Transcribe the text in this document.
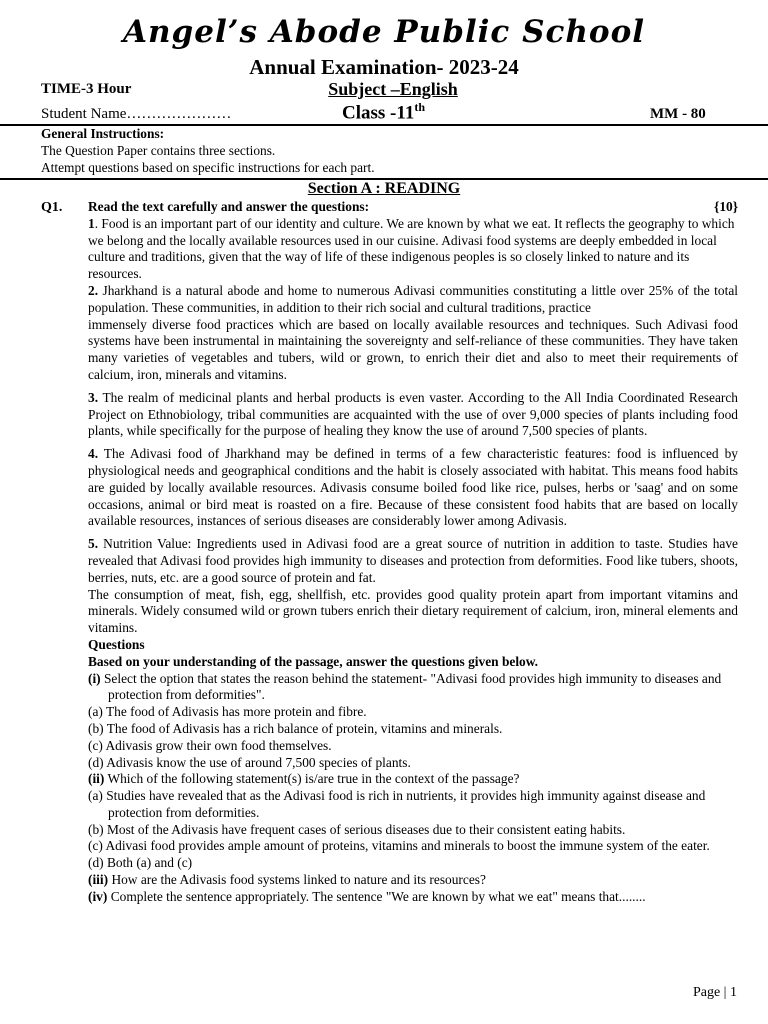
Angel’s Abode Public School
Annual Examination- 2023-24
TIME-3 Hour	Subject –English
Student Name…………………	Class -11th	MM - 80
General Instructions:
The Question Paper contains three sections.
Attempt questions based on specific instructions for each part.
Section A : READING
Q1. Read the text carefully and answer the questions:	{10}

1. Food is an important part of our identity and culture. We are known by what we eat. It reflects the geography to which we belong and the locally available resources used in our cuisine. Adivasi food systems are deeply embedded in local culture and traditions, given that the way of life of these indigenous peoples is so closely linked to nature and its resources.

2. Jharkhand is a natural abode and home to numerous Adivasi communities constituting a little over 25% of the total population. These communities, in addition to their rich social and cultural traditions, practice

immensely diverse food practices which are based on locally available resources and techniques. Such Adivasi food systems have been instrumental in maintaining the sovereignty and self-reliance of these communities. They have taken many varieties of vegetables and tubers, wild or grown, to enrich their diet and also to meet their requirements of calcium, iron, minerals and vitamins.

3. The realm of medicinal plants and herbal products is even vaster. According to the All India Coordinated Research Project on Ethnobiology, tribal communities are acquainted with the use of over 9,000 species of plants including food plants, while specifically for the purpose of healing they know the use of around 7,500 species of plants.

4. The Adivasi food of Jharkhand may be defined in terms of a few characteristic features: food is influenced by physiological needs and geographical conditions and the habit is closely associated with habitat. This means food habits are guided by locally available resources. Adivasis consume boiled food like rice, pulses, herbs or 'saag' and on some occasions, animal or bird meat is roasted on a fire. Because of these consistent food habits that are based on locally available resources, instances of serious diseases are considerably lower among Adivasis.

5. Nutrition Value: Ingredients used in Adivasi food are a great source of nutrition in addition to taste. Studies have revealed that Adivasi food provides high immunity to diseases and protection from deformities. Food like tubers, shoots, berries, nuts, etc. are a good source of protein and fat.

The consumption of meat, fish, egg, shellfish, etc. provides good quality protein apart from important vitamins and minerals. Widely consumed wild or grown tubers enrich their dietary requirement of calcium, iron, mineral elements and vitamins.

Questions

Based on your understanding of the passage, answer the questions given below.

(i) Select the option that states the reason behind the statement- "Adivasi food provides high immunity to diseases and protection from deformities".

(a) The food of Adivasis has more protein and fibre.

(b) The food of Adivasis has a rich balance of protein, vitamins and minerals.

(c) Adivasis grow their own food themselves.

(d) Adivasis know the use of around 7,500 species of plants.

(ii) Which of the following statement(s) is/are true in the context of the passage?

(a) Studies have revealed that as the Adivasi food is rich in nutrients, it provides high immunity against disease and protection from deformities.

(b) Most of the Adivasis have frequent cases of serious diseases due to their consistent eating habits.

(c) Adivasi food provides ample amount of proteins, vitamins and minerals to boost the immune system of the eater.

(d) Both (a) and (c)

(iii) How are the Adivasis food systems linked to nature and its resources?

(iv) Complete the sentence appropriately. The sentence "We are known by what we eat" means that........

Page | 1
